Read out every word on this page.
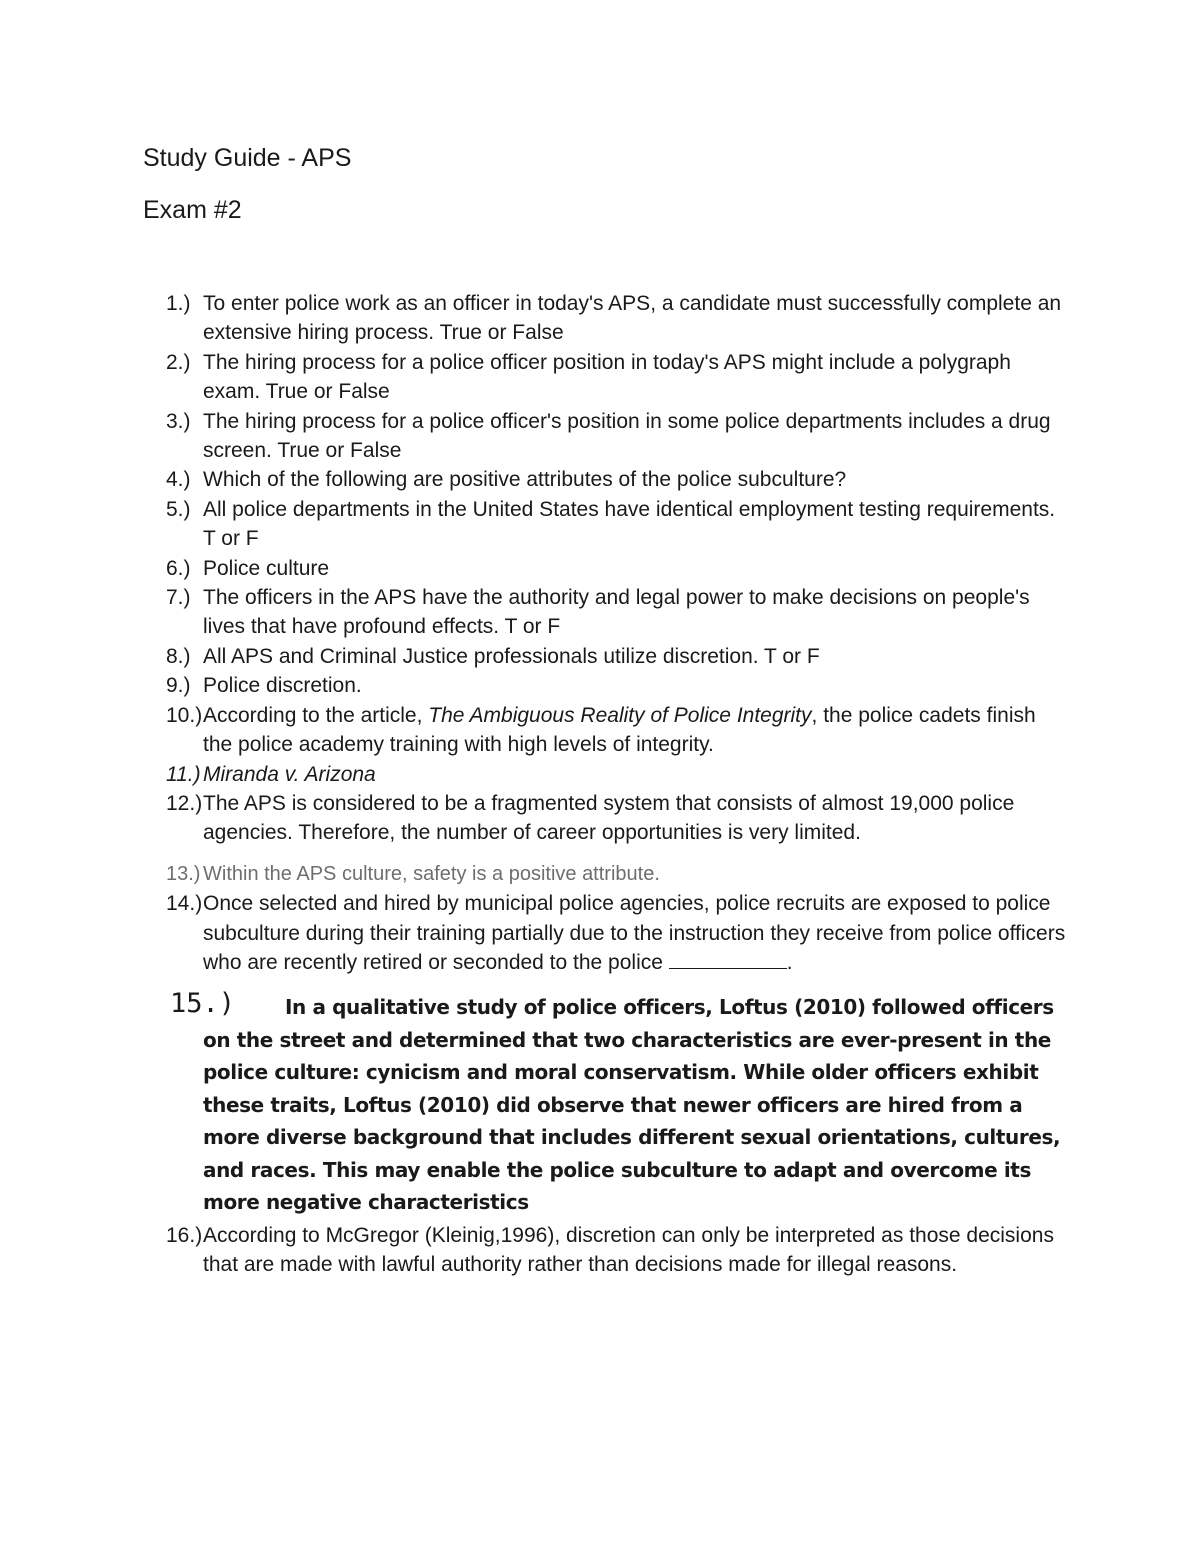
Study Guide - APS
Exam #2
1.) To enter police work as an officer in today's APS, a candidate must successfully complete an extensive hiring process. True or False
2.) The hiring process for a police officer position in today's APS might include a polygraph exam. True or False
3.) The hiring process for a police officer's position in some police departments includes a drug screen. True or False
4.) Which of the following are positive attributes of the police subculture?
5.) All police departments in the United States have identical employment testing requirements. T or F
6.) Police culture
7.) The officers in the APS have the authority and legal power to make decisions on people's lives that have profound effects. T or F
8.) All APS and Criminal Justice professionals utilize discretion. T or F
9.) Police discretion.
10.) According to the article, The Ambiguous Reality of Police Integrity, the police cadets finish the police academy training with high levels of integrity.
11.) Miranda v. Arizona
12.) The APS is considered to be a fragmented system that consists of almost 19,000 police agencies. Therefore, the number of career opportunities is very limited.
13.) Within the APS culture, safety is a positive attribute.
14.) Once selected and hired by municipal police agencies, police recruits are exposed to police subculture during their training partially due to the instruction they receive from police officers who are recently retired or seconded to the police	.
15.)	In a qualitative study of police officers, Loftus (2010) followed officers on the street and determined that two characteristics are ever-present in the police culture: cynicism and moral conservatism. While older officers exhibit these traits, Loftus (2010) did observe that newer officers are hired from a more diverse background that includes different sexual orientations, cultures, and races. This may enable the police subculture to adapt and overcome its more negative characteristics
16.) According to McGregor (Kleinig,1996), discretion can only be interpreted as those decisions that are made with lawful authority rather than decisions made for illegal reasons.
